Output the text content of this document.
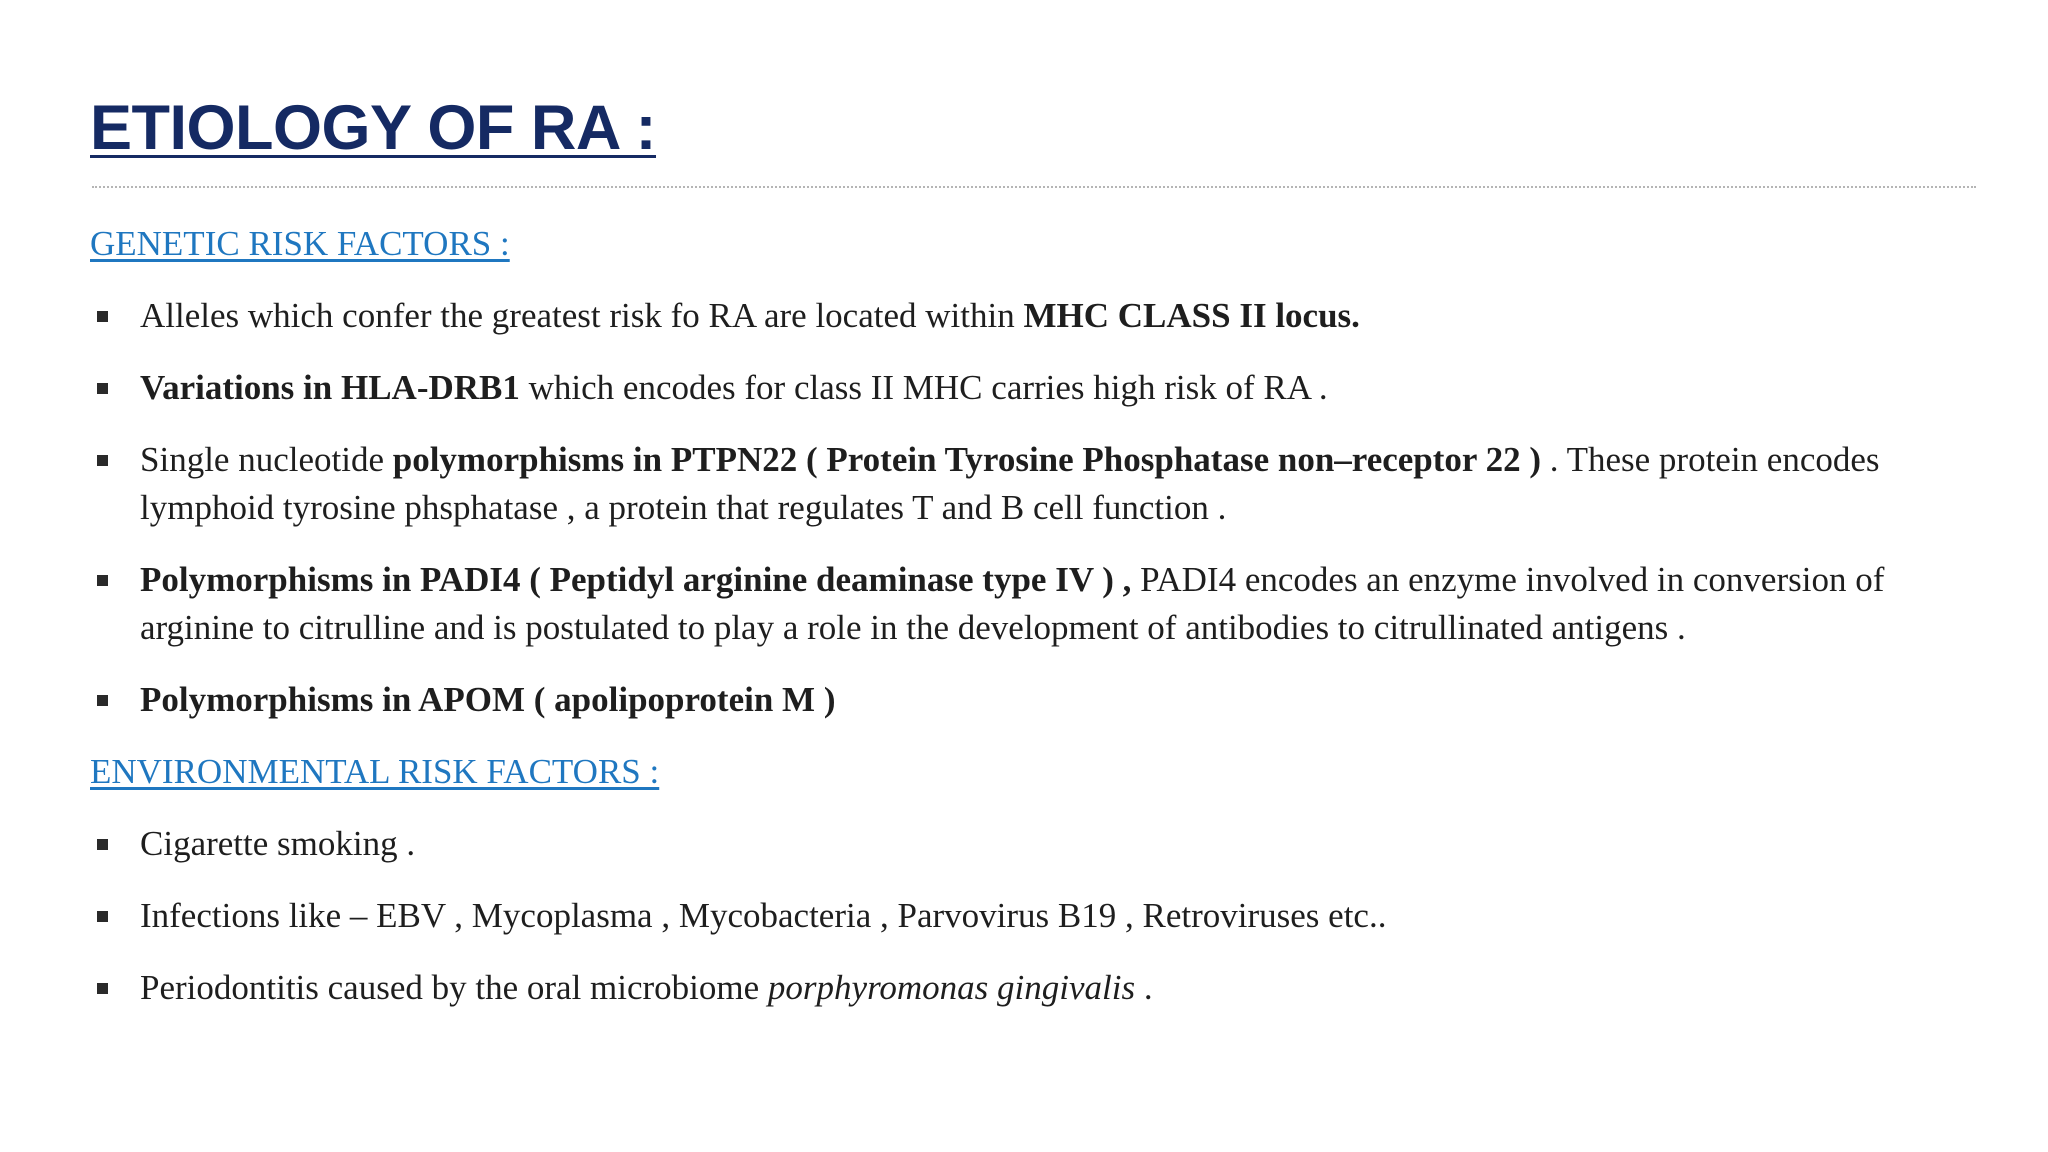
ETIOLOGY OF RA :
GENETIC RISK FACTORS :
Alleles which confer the greatest risk fo RA are located within MHC CLASS II locus.
Variations in HLA-DRB1 which encodes for class II MHC carries high risk of RA .
Single nucleotide polymorphisms in PTPN22 ( Protein Tyrosine Phosphatase non–receptor 22 ) . These protein encodes lymphoid tyrosine phsphatase , a protein that regulates T and B cell function .
Polymorphisms in PADI4 ( Peptidyl arginine deaminase type IV ) , PADI4 encodes an enzyme involved in conversion of arginine to citrulline and is postulated to play a role in the development of antibodies to citrullinated antigens .
Polymorphisms in APOM ( apolipoprotein M )
ENVIRONMENTAL RISK FACTORS :
Cigarette smoking .
Infections like – EBV , Mycoplasma , Mycobacteria , Parvovirus B19 , Retroviruses etc..
Periodontitis caused by the oral microbiome porphyromonas gingivalis .
